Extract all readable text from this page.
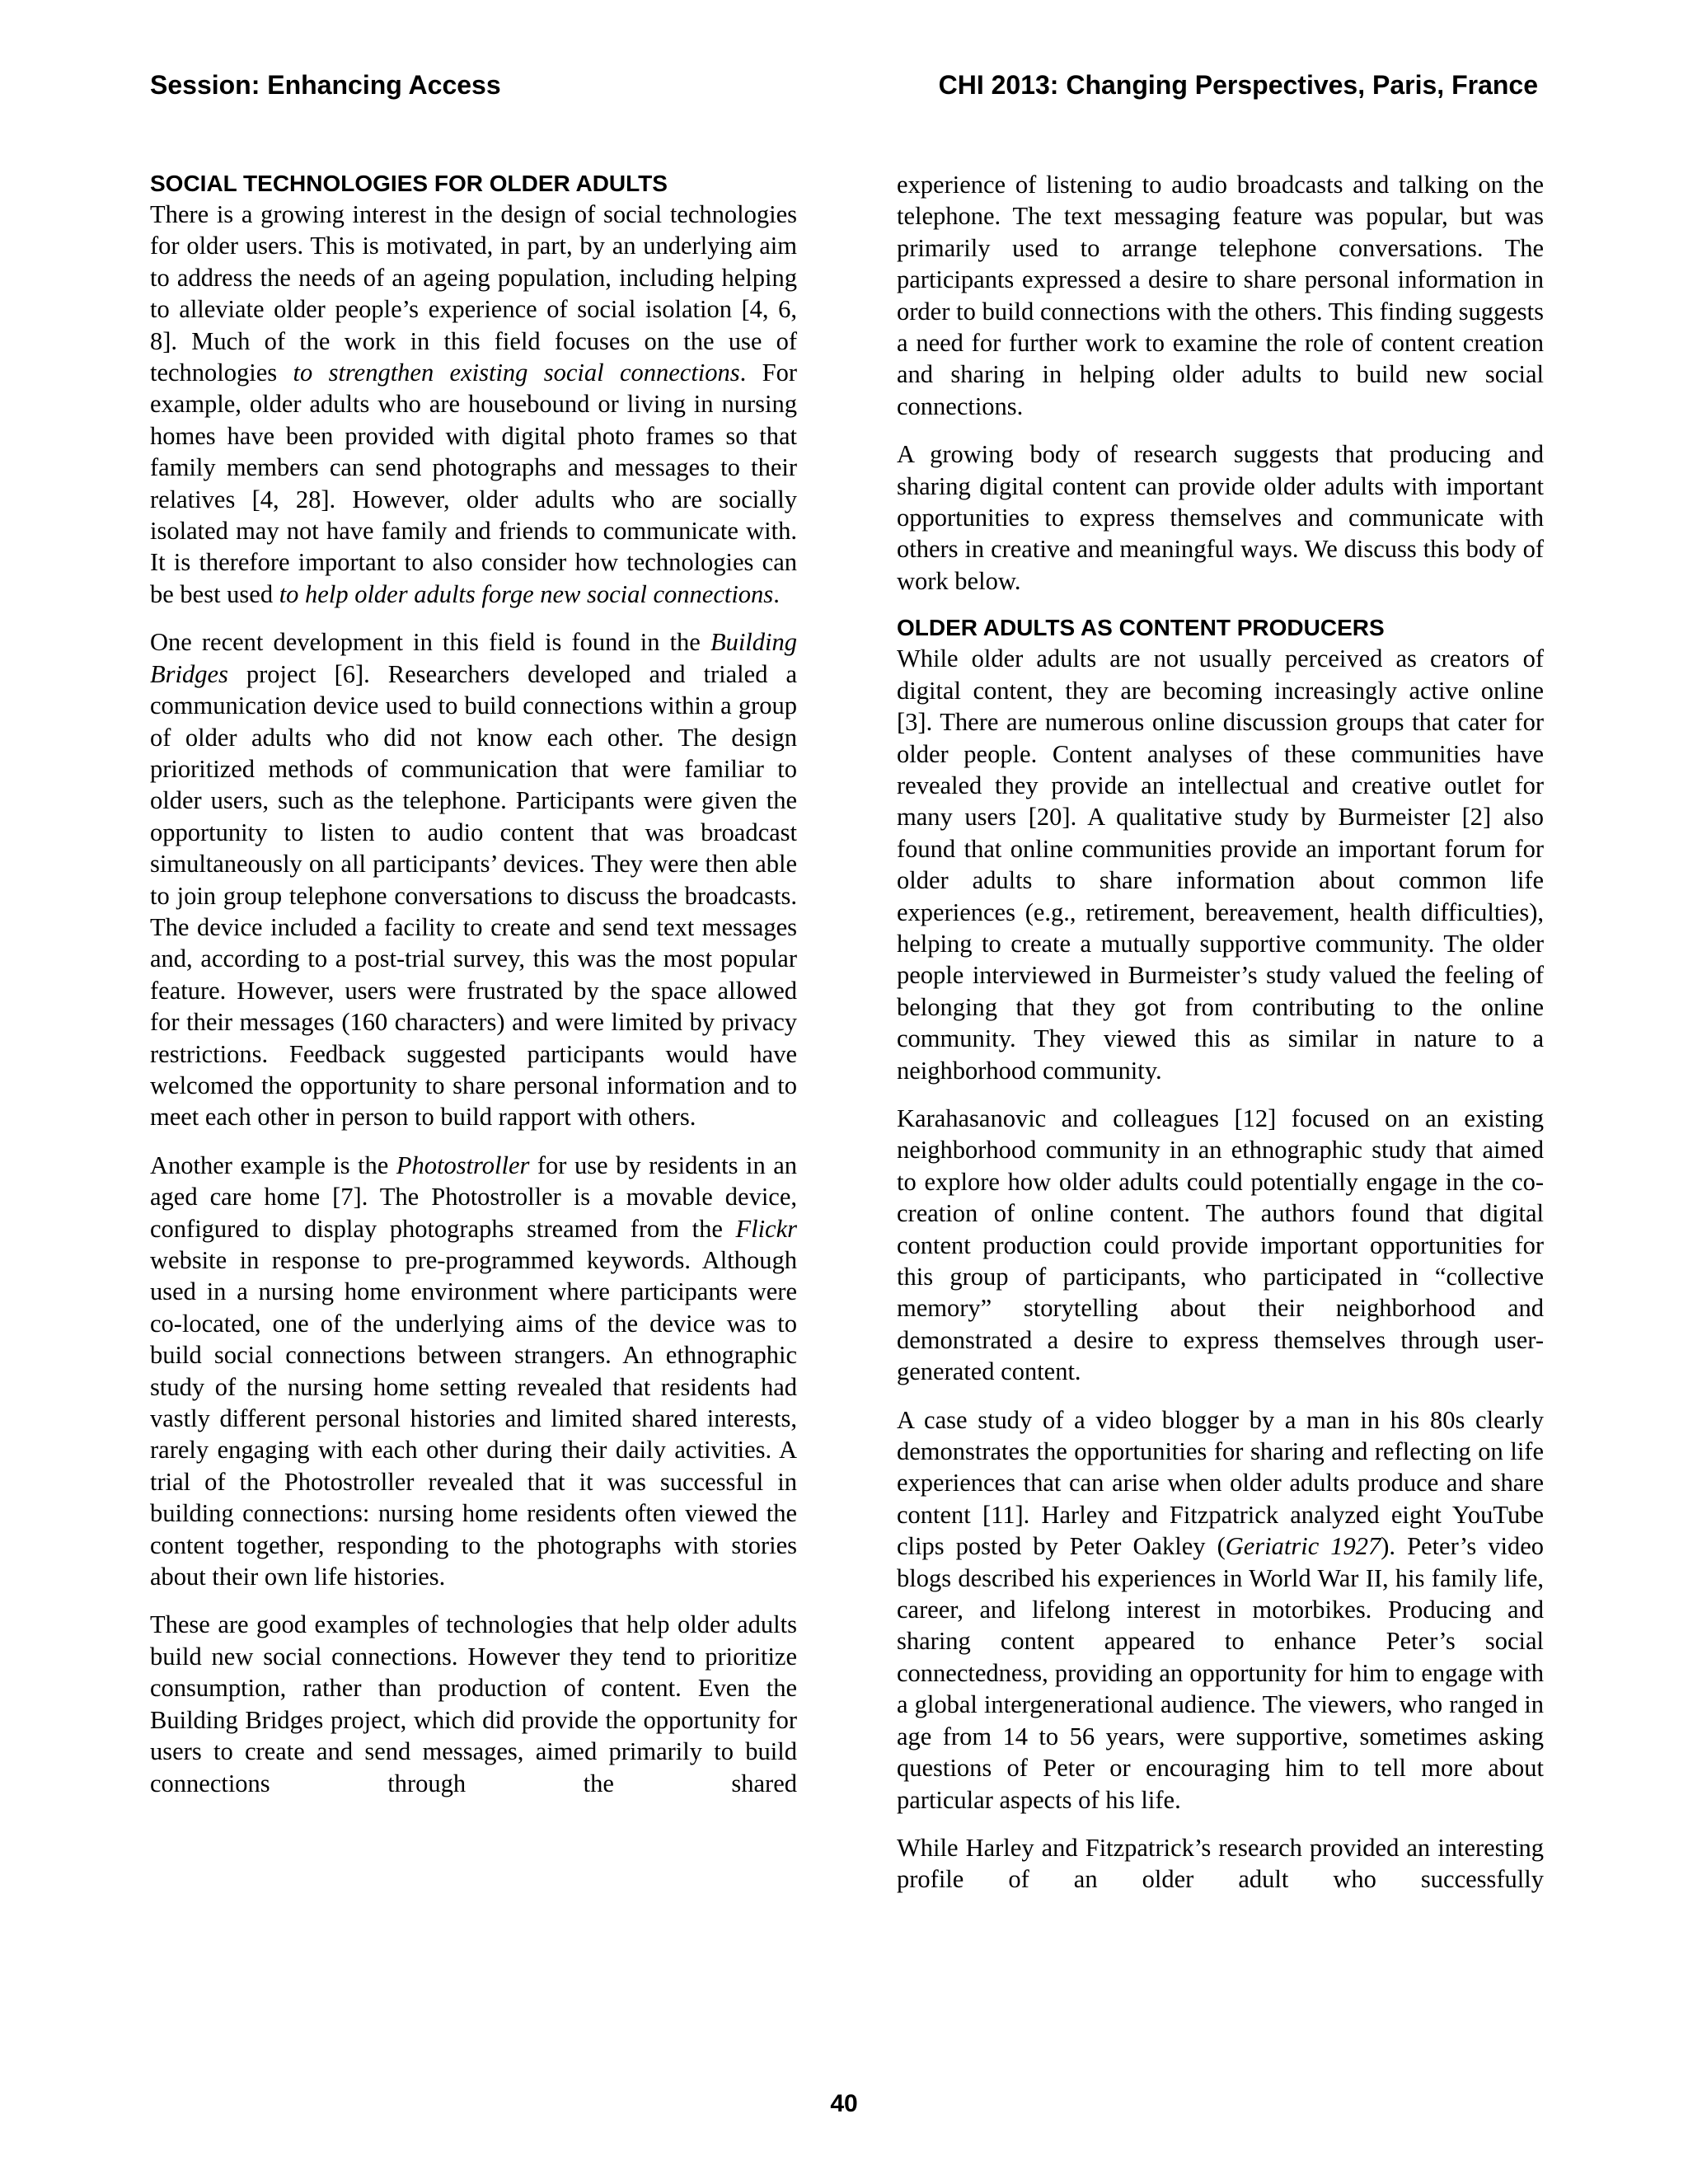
Session: Enhancing Access	CHI 2013: Changing Perspectives, Paris, France
SOCIAL TECHNOLOGIES FOR OLDER ADULTS

There is a growing interest in the design of social technologies for older users. This is motivated, in part, by an underlying aim to address the needs of an ageing population, including helping to alleviate older people’s experience of social isolation [4, 6, 8]. Much of the work in this field focuses on the use of technologies to strengthen existing social connections. For example, older adults who are housebound or living in nursing homes have been provided with digital photo frames so that family members can send photographs and messages to their relatives [4, 28]. However, older adults who are socially isolated may not have family and friends to communicate with. It is therefore important to also consider how technologies can be best used to help older adults forge new social connections.

One recent development in this field is found in the Building Bridges project [6]. Researchers developed and trialed a communication device used to build connections within a group of older adults who did not know each other. The design prioritized methods of communication that were familiar to older users, such as the telephone. Participants were given the opportunity to listen to audio content that was broadcast simultaneously on all participants’ devices. They were then able to join group telephone conversations to discuss the broadcasts. The device included a facility to create and send text messages and, according to a post-trial survey, this was the most popular feature. However, users were frustrated by the space allowed for their messages (160 characters) and were limited by privacy restrictions. Feedback suggested participants would have welcomed the opportunity to share personal information and to meet each other in person to build rapport with others.

Another example is the Photostroller for use by residents in an aged care home [7]. The Photostroller is a movable device, configured to display photographs streamed from the Flickr website in response to pre-programmed keywords. Although used in a nursing home environment where participants were co-located, one of the underlying aims of the device was to build social connections between strangers. An ethnographic study of the nursing home setting revealed that residents had vastly different personal histories and limited shared interests, rarely engaging with each other during their daily activities. A trial of the Photostroller revealed that it was successful in building connections: nursing home residents often viewed the content together, responding to the photographs with stories about their own life histories.

These are good examples of technologies that help older adults build new social connections. However they tend to prioritize consumption, rather than production of content. Even the Building Bridges project, which did provide the opportunity for users to create and send messages, aimed primarily to build connections through the shared

experience of listening to audio broadcasts and talking on the telephone. The text messaging feature was popular, but was primarily used to arrange telephone conversations. The participants expressed a desire to share personal information in order to build connections with the others. This finding suggests a need for further work to examine the role of content creation and sharing in helping older adults to build new social connections.

A growing body of research suggests that producing and sharing digital content can provide older adults with important opportunities to express themselves and communicate with others in creative and meaningful ways. We discuss this body of work below.

OLDER ADULTS AS CONTENT PRODUCERS

While older adults are not usually perceived as creators of digital content, they are becoming increasingly active online [3]. There are numerous online discussion groups that cater for older people. Content analyses of these communities have revealed they provide an intellectual and creative outlet for many users [20]. A qualitative study by Burmeister [2] also found that online communities provide an important forum for older adults to share information about common life experiences (e.g., retirement, bereavement, health difficulties), helping to create a mutually supportive community. The older people interviewed in Burmeister’s study valued the feeling of belonging that they got from contributing to the online community. They viewed this as similar in nature to a neighborhood community.

Karahasanovic and colleagues [12] focused on an existing neighborhood community in an ethnographic study that aimed to explore how older adults could potentially engage in the co-creation of online content. The authors found that digital content production could provide important opportunities for this group of participants, who participated in “collective memory” storytelling about their neighborhood and demonstrated a desire to express themselves through user-generated content.

A case study of a video blogger by a man in his 80s clearly demonstrates the opportunities for sharing and reflecting on life experiences that can arise when older adults produce and share content [11]. Harley and Fitzpatrick analyzed eight YouTube clips posted by Peter Oakley (Geriatric 1927). Peter’s video blogs described his experiences in World War II, his family life, career, and lifelong interest in motorbikes. Producing and sharing content appeared to enhance Peter’s social connectedness, providing an opportunity for him to engage with a global intergenerational audience. The viewers, who ranged in age from 14 to 56 years, were supportive, sometimes asking questions of Peter or encouraging him to tell more about particular aspects of his life.

While Harley and Fitzpatrick’s research provided an interesting profile of an older adult who successfully

40
